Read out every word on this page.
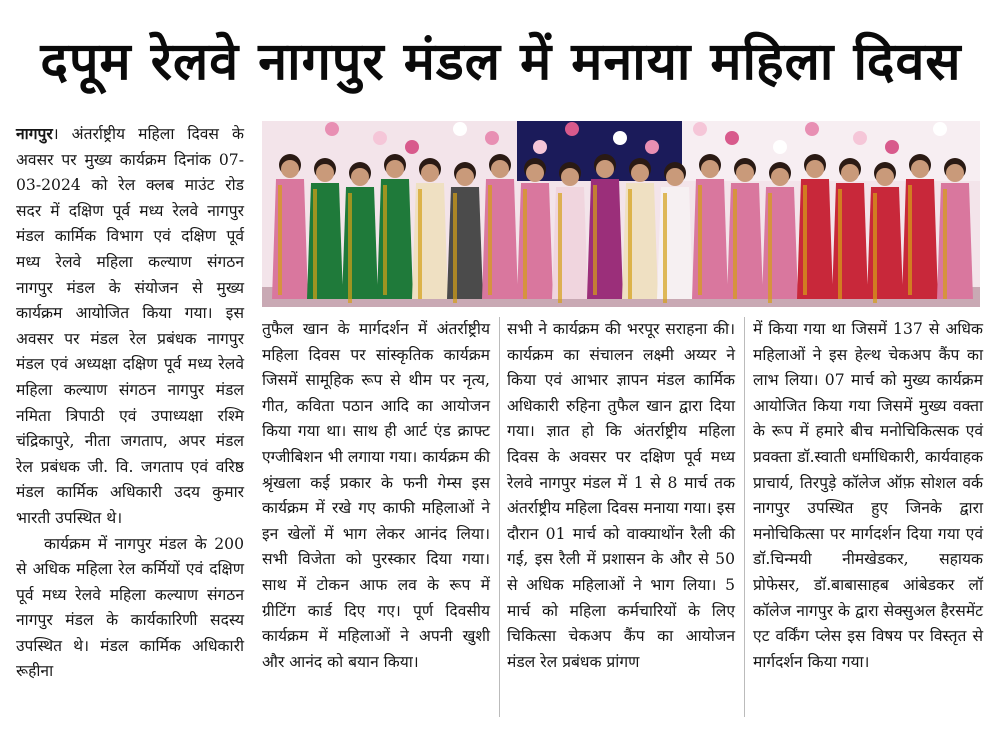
दपूम रेलवे नागपुर मंडल में मनाया महिला दिवस

नागपुर। अंतर्राष्ट्रीय महिला दिवस के अवसर पर मुख्य कार्यक्रम दिनांक 07-03-2024 को रेल क्लब माउंट रोड सदर में दक्षिण पूर्व मध्य रेलवे नागपुर मंडल कार्मिक विभाग एवं दक्षिण पूर्व मध्य रेलवे महिला कल्याण संगठन नागपुर मंडल के संयोजन से मुख्य कार्यक्रम आयोजित किया गया। इस अवसर पर मंडल रेल प्रबंधक नागपुर मंडल एवं अध्यक्षा दक्षिण पूर्व मध्य रेलवे महिला कल्याण संगठन नागपुर मंडल नमिता त्रिपाठी एवं उपाध्यक्षा रश्मि चंद्रिकापुरे, नीता जगताप, अपर मंडल रेल प्रबंधक जी. वि. जगताप एवं वरिष्ठ मंडल कार्मिक अधिकारी उदय कुमार भारती उपस्थित थे।

कार्यक्रम में नागपुर मंडल के 200 से अधिक महिला रेल कर्मियों एवं दक्षिण पूर्व मध्य रेलवे महिला कल्याण संगठन नागपुर मंडल के कार्यकारिणी सदस्य उपस्थित थे। मंडल कार्मिक अधिकारी रूहीना

तुफैल खान के मार्गदर्शन में अंतर्राष्ट्रीय महिला दिवस पर सांस्कृतिक कार्यक्रम जिसमें सामूहिक रूप से थीम पर नृत्य, गीत, कविता पठान आदि का आयोजन किया गया था। साथ ही आर्ट एंड क्राफ्ट एग्जीबिशन भी लगाया गया। कार्यक्रम की श्रृंखला कई प्रकार के फनी गेम्स इस कार्यक्रम में रखे गए काफी महिलाओं ने इन खेलों में भाग लेकर आनंद लिया। सभी विजेता को पुरस्कार दिया गया। साथ में टोकन आफ लव के रूप में ग्रीटिंग कार्ड दिए गए। पूर्ण दिवसीय कार्यक्रम में महिलाओं ने अपनी खुशी और आनंद को बयान किया।

सभी ने कार्यक्रम की भरपूर सराहना की। कार्यक्रम का संचालन लक्ष्मी अय्यर ने किया एवं आभार ज्ञापन मंडल कार्मिक अधिकारी रुहिना तुफैल खान द्वारा दिया गया। ज्ञात हो कि अंतर्राष्ट्रीय महिला दिवस के अवसर पर दक्षिण पूर्व मध्य रेलवे नागपुर मंडल में 1 से 8 मार्च तक अंतर्राष्ट्रीय महिला दिवस मनाया गया। इस दौरान 01 मार्च को वाक्याथोंन रैली की गई, इस रैली में प्रशासन के और से 50 से अधिक महिलाओं ने भाग लिया। 5 मार्च को महिला कर्मचारियों के लिए चिकित्सा चेकअप कैंप का आयोजन मंडल रेल प्रबंधक प्रांगण

में किया गया था जिसमें 137 से अधिक महिलाओं ने इस हेल्थ चेकअप कैंप का लाभ लिया। 07 मार्च को मुख्य कार्यक्रम आयोजित किया गया जिसमें मुख्य वक्ता के रूप में हमारे बीच मनोचिकित्सक एवं प्रवक्ता डॉ.स्वाती धर्माधिकारी, कार्यवाहक प्राचार्य, तिरपुड़े कॉलेज ऑफ़ सोशल वर्क नागपुर उपस्थित हुए जिनके द्वारा मनोचिकित्सा पर मार्गदर्शन दिया गया एवं डॉ.चिन्मयी नीमखेडकर, सहायक प्रोफेसर, डॉ.बाबासाहब आंबेडकर लॉ कॉलेज नागपुर के द्वारा सेक्सुअल हैरसमेंट एट वर्किंग प्लेस इस विषय पर विस्तृत से मार्गदर्शन किया गया।
